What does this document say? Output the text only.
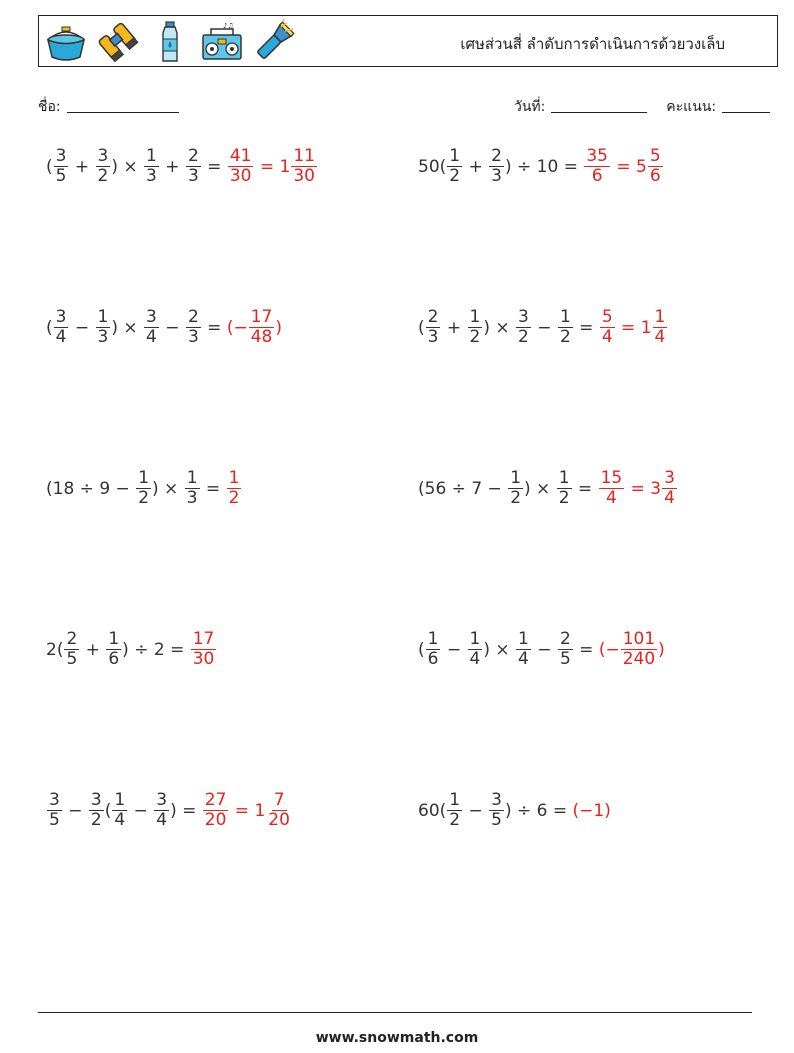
♪♫
เศษส่วนสี่ ลำดับการดำเนินการด้วยวงเล็บ
ชื่อ:	วันที่:	คะแนน:
( $\frac{3}{5} + \frac{3}{2}$ ) × $\frac{1}{3} + \frac{2}{3} = \frac{41}{30} = 1 \frac{11}{30}$	$50( \frac{1}{2} + \frac{2}{3}$ ) ÷ $10 = \frac{35}{6} = 5 \frac{5}{6}$
( $\frac{3}{4} - \frac{1}{3}$ ) × $\frac{3}{4} - \frac{2}{3}$ = (− $\frac{17}{48}$ )	( $\frac{2}{3} + \frac{1}{2}$ ) × $\frac{3}{2} - \frac{1}{2} = \frac{5}{4} = 1 \frac{1}{4}$
($18 \div 9 - \frac{1}{2}$ ) × $\frac{1}{3} = \frac{1}{2}$	($56 \div 7 - \frac{1}{2}$ ) × $\frac{1}{2} = \frac{15}{4} = 3 \frac{3}{4}$
$2( \frac{2}{5} + \frac{1}{6}$ ) ÷ $2 = \frac{17}{30}$	( $\frac{1}{6} - \frac{1}{4}$ ) × $\frac{1}{4} - \frac{2}{5}$ = (− $\frac{101}{240}$ )
$\frac{3}{5} - \frac{3}{2}$ ( $\frac{1}{4} - \frac{3}{4}$ ) = $\frac{27}{20} = 1 \frac{7}{20}$	$60( \frac{1}{2} - \frac{3}{5}$ ) ÷ 6 = (−1)
www.snowmath.com
